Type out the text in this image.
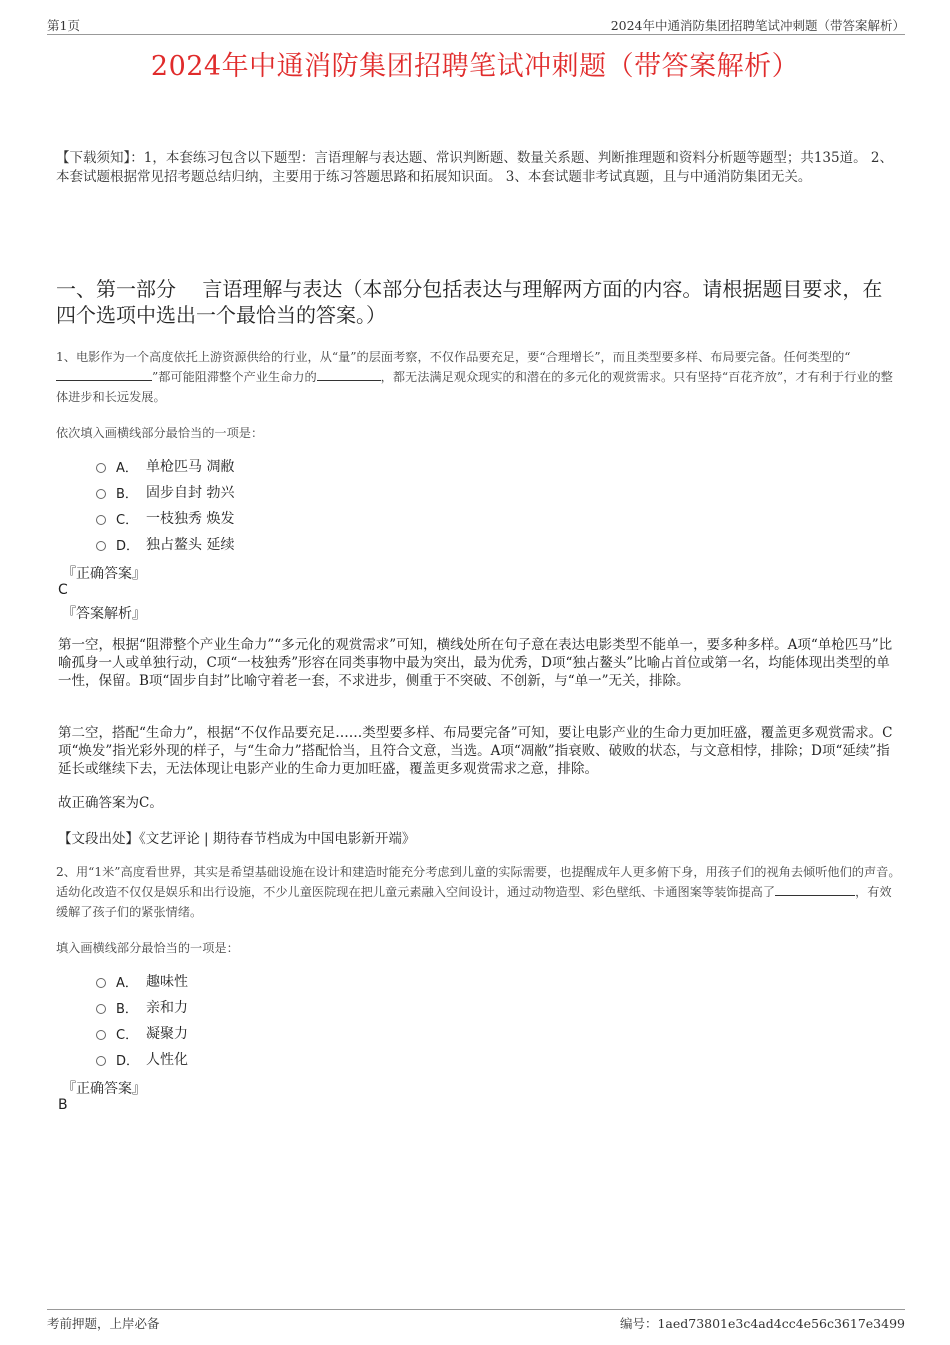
第1页	2024年中通消防集团招聘笔试冲刺题（带答案解析）
2024年中通消防集团招聘笔试冲刺题（带答案解析）
【下载须知】：1，本套练习包含以下题型：言语理解与表达题、常识判断题、数量关系题、判断推理题和资料分析题等题型；共135道。 2、本套试题根据常见招考题总结归纳，主要用于练习答题思路和拓展知识面。 3、本套试题非考试真题，且与中通消防集团无关。
一、第一部分　 言语理解与表达（本部分包括表达与理解两方面的内容。请根据题目要求，在四个选项中选出一个最恰当的答案。）
1、电影作为一个高度依托上游资源供给的行业，从“量”的层面考察，不仅作品要充足，要“合理增长”，而且类型要多样、布局要完备。任何类型的“”都可能阻滞整个产业生命力的	，都无法满足观众现实的和潜在的多元化的观赏需求。只有坚持“百花齐放”，才有利于行业的整体进步和长远发展。
依次填入画横线部分最恰当的一项是：
A． 单枪匹马 凋敝
B． 固步自封 勃兴
C． 一枝独秀 焕发
D． 独占鳌头 延续
『正确答案』
C
『答案解析』
第一空，根据“阻滞整个产业生命力”“多元化的观赏需求”可知，横线处所在句子意在表达电影类型不能单一，要多种多样。A项“单枪匹马”比喻孤身一人或单独行动，C项“一枝独秀”形容在同类事物中最为突出，最为优秀，D项“独占鳌头”比喻占首位或第一名，均能体现出类型的单一性，保留。B项“固步自封”比喻守着老一套，不求进步，侧重于不突破、不创新，与“单一”无关，排除。
第二空，搭配“生命力”，根据“不仅作品要充足……类型要多样、布局要完备”可知，要让电影产业的生命力更加旺盛，覆盖更多观赏需求。C项“焕发”指光彩外现的样子，与“生命力”搭配恰当，且符合文意，当选。A项“凋敝”指衰败、破败的状态，与文意相悖，排除；D项“延续”指延长或继续下去，无法体现让电影产业的生命力更加旺盛，覆盖更多观赏需求之意，排除。
故正确答案为C。
【文段出处】《文艺评论 | 期待春节档成为中国电影新开端》
2、用“1米”高度看世界，其实是希望基础设施在设计和建造时能充分考虑到儿童的实际需要，也提醒成年人更多俯下身，用孩子们的视角去倾听他们的声音。适幼化改造不仅仅是娱乐和出行设施，不少儿童医院现在把儿童元素融入空间设计，通过动物造型、彩色壁纸、卡通图案等装饰提高了	，有效缓解了孩子们的紧张情绪。
填入画横线部分最恰当的一项是：
A． 趣味性
B． 亲和力
C． 凝聚力
D． 人性化
『正确答案』
B
考前押题，上岸必备	编号：1aed73801e3c4ad4cc4e56c3617e3499
